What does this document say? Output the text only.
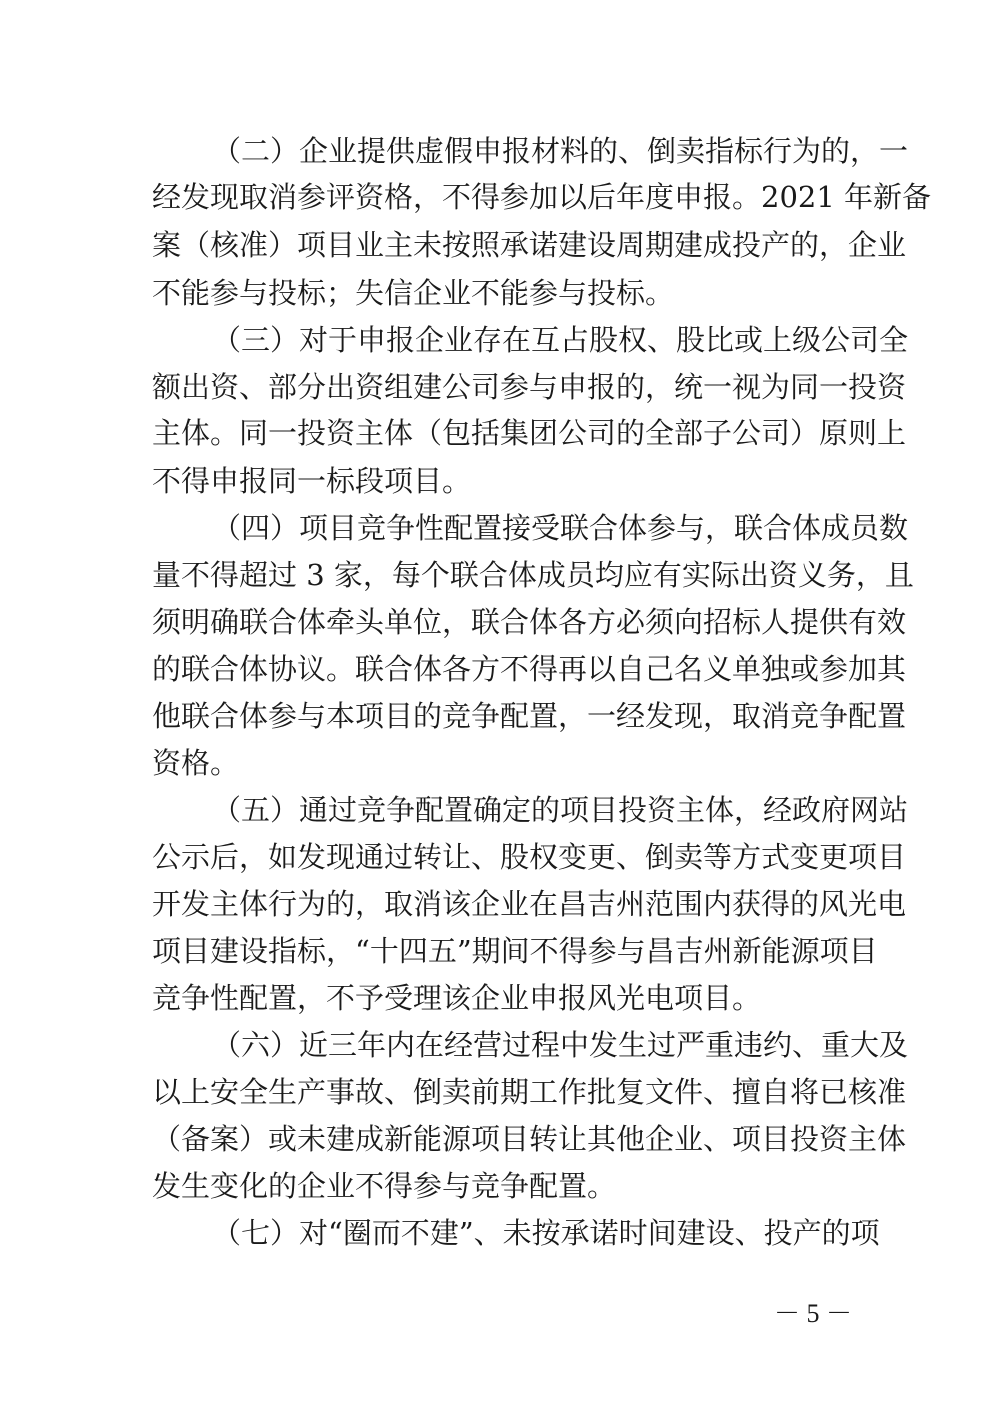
（二）企业提供虚假申报材料的、倒卖指标行为的，一
经发现取消参评资格，不得参加以后年度申报。2021 年新备
案（核准）项目业主未按照承诺建设周期建成投产的，企业
不能参与投标；失信企业不能参与投标。
（三）对于申报企业存在互占股权、股比或上级公司全
额出资、部分出资组建公司参与申报的，统一视为同一投资
主体。同一投资主体（包括集团公司的全部子公司）原则上
不得申报同一标段项目。
（四）项目竞争性配置接受联合体参与，联合体成员数
量不得超过 3 家，每个联合体成员均应有实际出资义务，且
须明确联合体牵头单位，联合体各方必须向招标人提供有效
的联合体协议。联合体各方不得再以自己名义单独或参加其
他联合体参与本项目的竞争配置，一经发现，取消竞争配置
资格。
（五）通过竞争配置确定的项目投资主体，经政府网站
公示后，如发现通过转让、股权变更、倒卖等方式变更项目
开发主体行为的，取消该企业在昌吉州范围内获得的风光电
项目建设指标，“十四五”期间不得参与昌吉州新能源项目
竞争性配置，不予受理该企业申报风光电项目。
（六）近三年内在经营过程中发生过严重违约、重大及
以上安全生产事故、倒卖前期工作批复文件、擅自将已核准
（备案）或未建成新能源项目转让其他企业、项目投资主体
发生变化的企业不得参与竞争配置。
（七）对“圈而不建”、未按承诺时间建设、投产的项
－ 5 －
